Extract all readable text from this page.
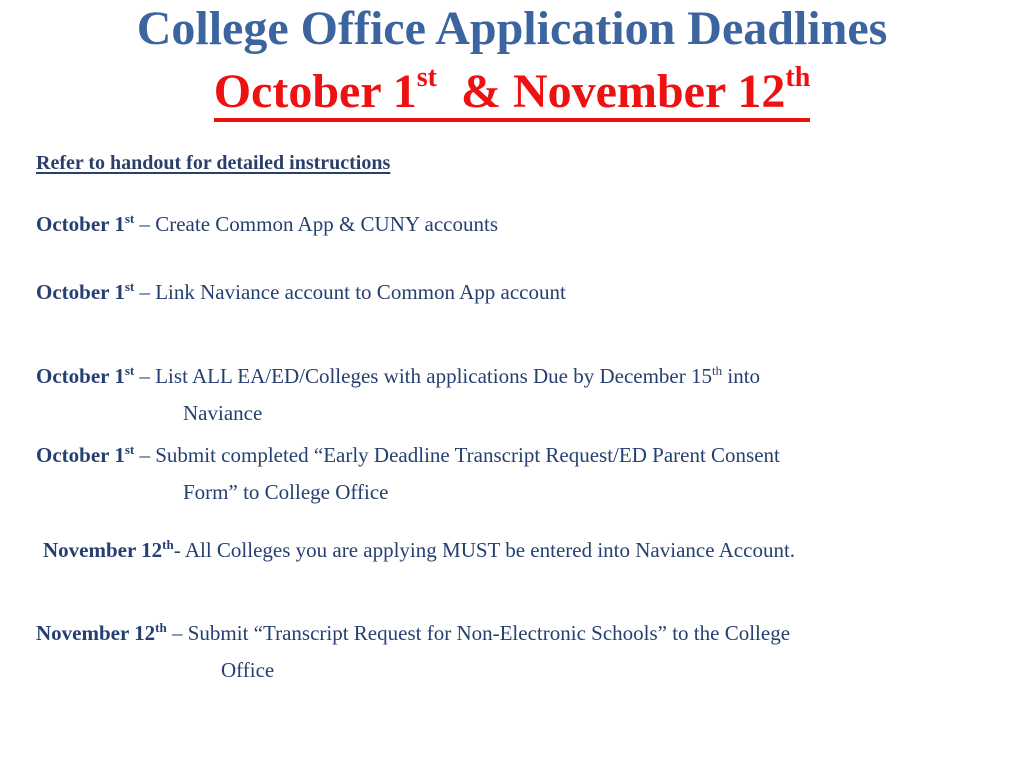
College Office Application Deadlines
October 1st  & November 12th
Refer to handout for detailed instructions
October 1st – Create Common App & CUNY accounts
October 1st – Link Naviance account to Common App account
October 1st – List ALL EA/ED/Colleges with applications Due by December 15th into
Naviance
October 1st – Submit completed “Early Deadline Transcript Request/ED Parent Consent
Form” to College Office
November 12th- All Colleges you are applying MUST be entered into Naviance Account.
November 12th – Submit “Transcript Request for Non-Electronic Schools” to the College
Office
